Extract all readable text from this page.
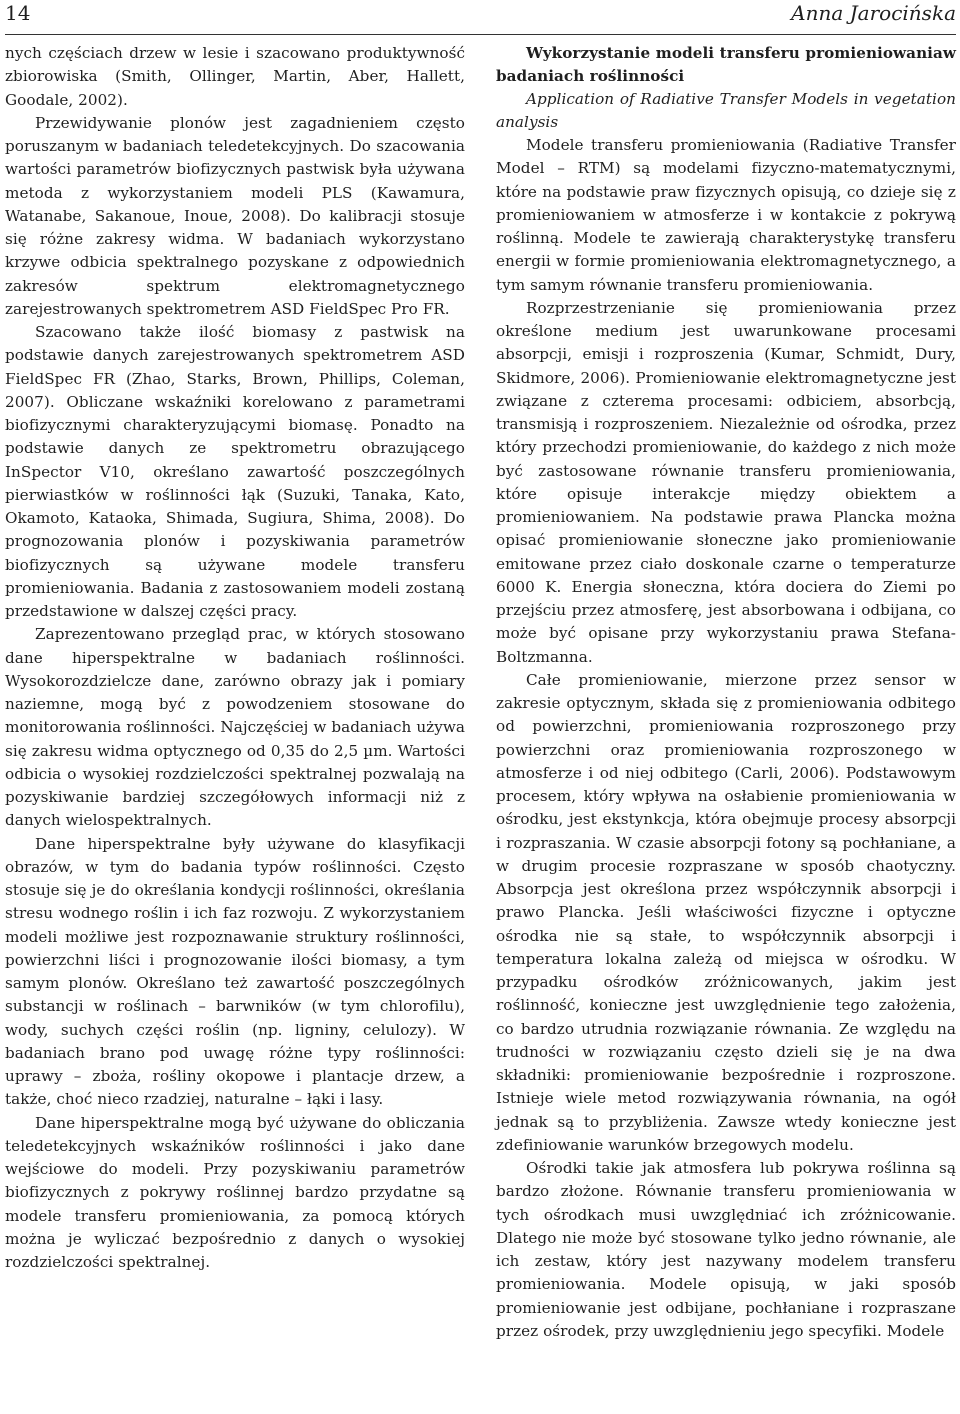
14	Anna Jarocińska

nych częściach drzew w lesie i szacowano produktywność zbiorowiska (Smith, Ollinger, Martin, Aber, Hallett, Goodale, 2002).

Przewidywanie plonów jest zagadnieniem często poruszanym w badaniach teledetekcyjnych. Do szacowania wartości parametrów biofizycznych pastwisk była używana metoda z wykorzystaniem modeli PLS (Kawamura, Watanabe, Sakanoue, Inoue, 2008). Do kalibracji stosuje się różne zakresy widma. W badaniach wykorzystano krzywe odbicia spektralnego pozyskane z odpowiednich zakresów spektrum elektromagnetycznego zarejestrowanych spektrometrem ASD FieldSpec Pro FR.

Szacowano także ilość biomasy z pastwisk na podstawie danych zarejestrowanych spektrometrem ASD FieldSpec FR (Zhao, Starks, Brown, Phillips, Coleman, 2007). Obliczane wskaźniki korelowano z parametrami biofizycznymi charakteryzującymi biomasę. Ponadto na podstawie danych ze spektrometru obrazującego InSpector V10, określano zawartość poszczególnych pierwiastków w roślinności łąk (Suzuki, Tanaka, Kato, Okamoto, Kataoka, Shimada, Sugiura, Shima, 2008). Do prognozowania plonów i pozyskiwania parametrów biofizycznych są używane modele transferu promieniowania. Badania z zastosowaniem modeli zostaną przedstawione w dalszej części pracy.

Zaprezentowano przegląd prac, w których stosowano dane hiperspektralne w badaniach roślinności. Wysokorozdzielcze dane, zarówno obrazy jak i pomiary naziemne, mogą być z powodzeniem stosowane do monitorowania roślinności. Najczęściej w badaniach używa się zakresu widma optycznego od 0,35 do 2,5 µm. Wartości odbicia o wysokiej rozdzielczości spektralnej pozwalają na pozyskiwanie bardziej szczegółowych informacji niż z danych wielospektralnych.

Dane hiperspektralne były używane do klasyfikacji obrazów, w tym do badania typów roślinności. Często stosuje się je do określania kondycji roślinności, określania stresu wodnego roślin i ich faz rozwoju. Z wykorzystaniem modeli możliwe jest rozpoznawanie struktury roślinności, powierzchni liści i prognozowanie ilości biomasy, a tym samym plonów. Określano też zawartość poszczególnych substancji w roślinach – barwników (w tym chlorofilu), wody, suchych części roślin (np. ligniny, celulozy). W badaniach brano pod uwagę różne typy roślinności: uprawy – zboża, rośliny okopowe i plantacje drzew, a także, choć nieco rzadziej, naturalne – łąki i lasy.

Dane hiperspektralne mogą być używane do obliczania teledetekcyjnych wskaźników roślinności i jako dane wejściowe do modeli. Przy pozyskiwaniu parametrów biofizycznych z pokrywy roślinnej bardzo przydatne są modele transferu promieniowania, za pomocą których można je wyliczać bezpośrednio z danych o wysokiej rozdzielczości spektralnej.

Wykorzystanie modeli transferu promieniowaniaw badaniach roślinności

Application of Radiative Transfer Models in vegetation analysis

Modele transferu promieniowania (Radiative Transfer Model – RTM) są modelami fizyczno-matematycznymi, które na podstawie praw fizycznych opisują, co dzieje się z promieniowaniem w atmosferze i w kontakcie z pokrywą roślinną. Modele te zawierają charakterystykę transferu energii w formie promieniowania elektromagnetycznego, a tym samym równanie transferu promieniowania.

Rozprzestrzenianie się promieniowania przez określone medium jest uwarunkowane procesami absorpcji, emisji i rozproszenia (Kumar, Schmidt, Dury, Skidmore, 2006). Promieniowanie elektromagnetyczne jest związane z czterema procesami: odbiciem, absorbcją, transmisją i rozproszeniem. Niezależnie od ośrodka, przez który przechodzi promieniowanie, do każdego z nich może być zastosowane równanie transferu promieniowania, które opisuje interakcje między obiektem a promieniowaniem. Na podstawie prawa Plancka można opisać promieniowanie słoneczne jako promieniowanie emitowane przez ciało doskonale czarne o temperaturze 6000 K. Energia słoneczna, która dociera do Ziemi po przejściu przez atmosferę, jest absorbowana i odbijana, co może być opisane przy wykorzystaniu prawa Stefana-Boltzmanna.

Całe promieniowanie, mierzone przez sensor w zakresie optycznym, składa się z promieniowania odbitego od powierzchni, promieniowania rozproszonego przy powierzchni oraz promieniowania rozproszonego w atmosferze i od niej odbitego (Carli, 2006). Podstawowym procesem, który wpływa na osłabienie promieniowania w ośrodku, jest ekstynkcja, która obejmuje procesy absorpcji i rozpraszania. W czasie absorpcji fotony są pochłaniane, a w drugim procesie rozpraszane w sposób chaotyczny. Absorpcja jest określona przez współczynnik absorpcji i prawo Plancka. Jeśli właściwości fizyczne i optyczne ośrodka nie są stałe, to współczynnik absorpcji i temperatura lokalna zależą od miejsca w ośrodku. W przypadku ośrodków zróżnicowanych, jakim jest roślinność, konieczne jest uwzględnienie tego założenia, co bardzo utrudnia rozwiązanie równania. Ze względu na trudności w rozwiązaniu często dzieli się je na dwa składniki: promieniowanie bezpośrednie i rozproszone. Istnieje wiele metod rozwiązywania równania, na ogół jednak są to przybliżenia. Zawsze wtedy konieczne jest zdefiniowanie warunków brzegowych modelu.

Ośrodki takie jak atmosfera lub pokrywa roślinna są bardzo złożone. Równanie transferu promieniowania w tych ośrodkach musi uwzględniać ich zróżnicowanie. Dlatego nie może być stosowane tylko jedno równanie, ale ich zestaw, który jest nazywany modelem transferu promieniowania. Modele opisują, w jaki sposób promieniowanie jest odbijane, pochłaniane i rozpraszane przez ośrodek, przy uwzględnieniu jego specyfiki. Modele
